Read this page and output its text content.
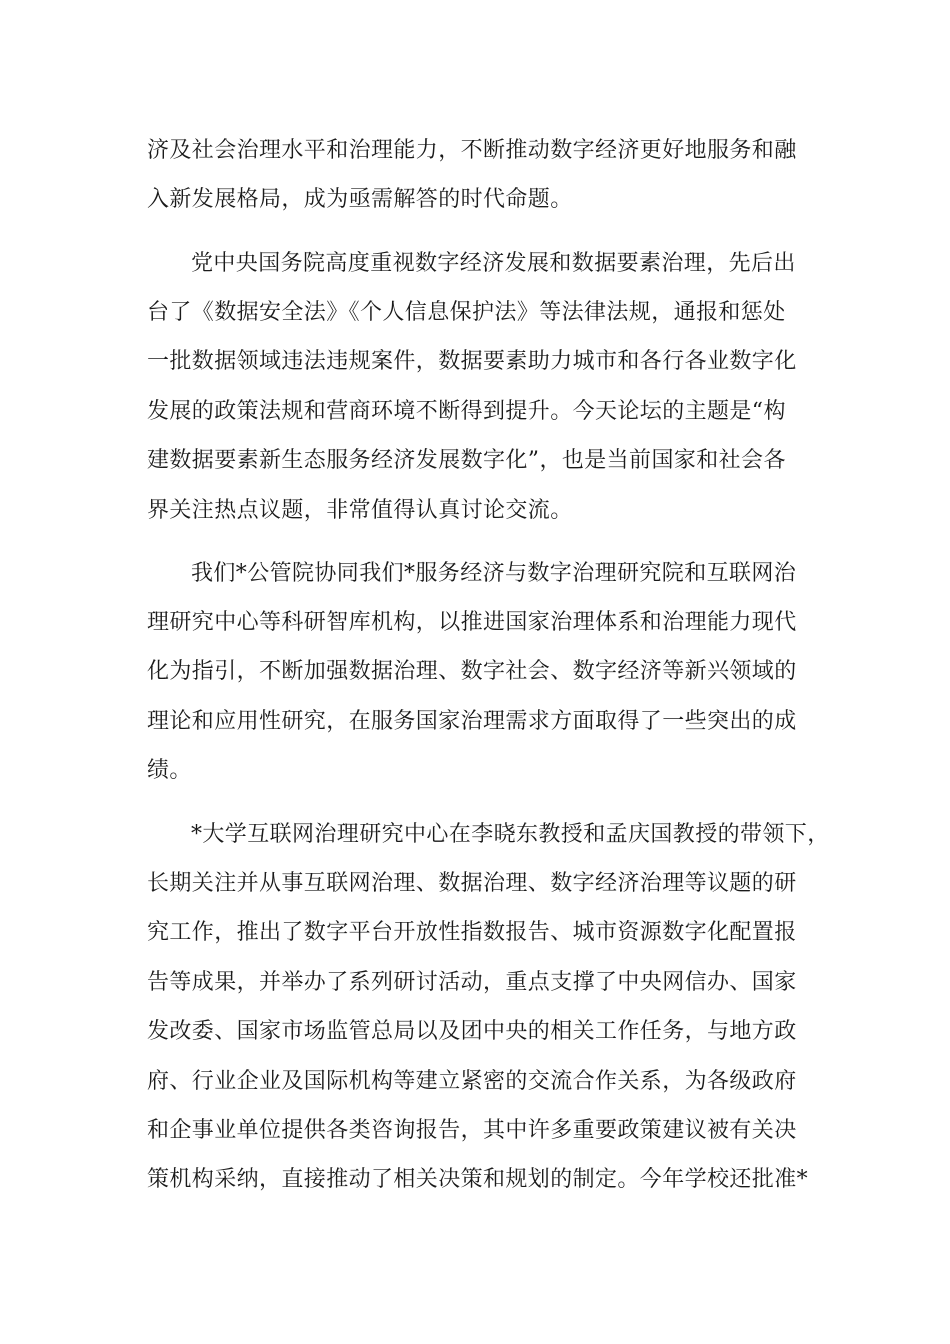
济及社会治理水平和治理能力，不断推动数字经济更好地服务和融
入新发展格局，成为亟需解答的时代命题。
党中央国务院高度重视数字经济发展和数据要素治理，先后出
台了《数据安全法》《个人信息保护法》等法律法规，通报和惩处
一批数据领域违法违规案件，数据要素助力城市和各行各业数字化
发展的政策法规和营商环境不断得到提升。今天论坛的主题是“构
建数据要素新生态服务经济发展数字化”，也是当前国家和社会各
界关注热点议题，非常值得认真讨论交流。
我们*公管院协同我们*服务经济与数字治理研究院和互联网治
理研究中心等科研智库机构，以推进国家治理体系和治理能力现代
化为指引，不断加强数据治理、数字社会、数字经济等新兴领域的
理论和应用性研究，在服务国家治理需求方面取得了一些突出的成
绩。
*大学互联网治理研究中心在李晓东教授和孟庆国教授的带领下，
长期关注并从事互联网治理、数据治理、数字经济治理等议题的研
究工作，推出了数字平台开放性指数报告、城市资源数字化配置报
告等成果，并举办了系列研讨活动，重点支撑了中央网信办、国家
发改委、国家市场监管总局以及团中央的相关工作任务，与地方政
府、行业企业及国际机构等建立紧密的交流合作关系，为各级政府
和企事业单位提供各类咨询报告，其中许多重要政策建议被有关决
策机构采纳，直接推动了相关决策和规划的制定。今年学校还批准*
